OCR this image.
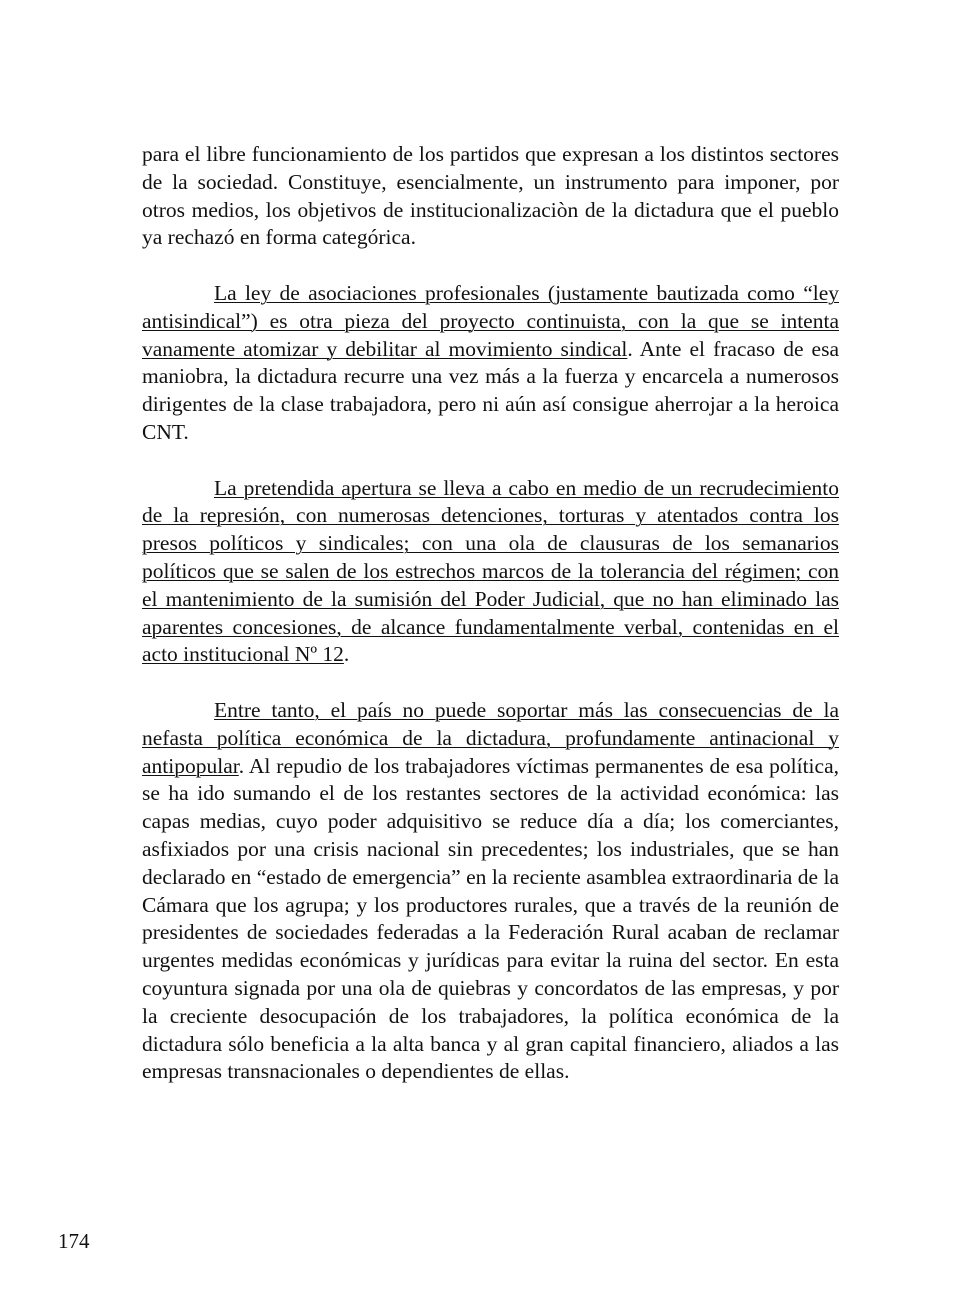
para el libre funcionamiento de los partidos que expresan a los distintos sectores de la sociedad. Constituye, esencialmente, un instrumento para imponer, por otros medios, los objetivos de institucionalizaciòn de la dictadura que el pueblo ya rechazó en forma categórica.

La ley de asociaciones profesionales (justamente bautizada como “ley antisindical”) es otra pieza del proyecto continuista, con la que se intenta vanamente atomizar y debilitar al movimiento sindical. Ante el fracaso de esa maniobra, la dictadura recurre una vez más a la fuerza y encarcela a numerosos dirigentes de la clase trabajadora, pero ni aún así consigue aherrojar a la heroica CNT.

La pretendida apertura se lleva a cabo en medio de un recrudecimiento de la represión, con numerosas detenciones, torturas y atentados contra los presos políticos y sindicales; con una ola de clausuras de los semanarios políticos que se salen de los estrechos marcos de la tolerancia del régimen; con el mantenimiento de la sumisión del Poder Judicial, que no han eliminado las aparentes concesiones, de alcance fundamentalmente verbal, contenidas en el acto institucional Nº 12.

Entre tanto, el país no puede soportar más las consecuencias de la nefasta política económica de la dictadura, profundamente antinacional y antipopular. Al repudio de los trabajadores víctimas permanentes de esa política, se ha ido sumando el de los restantes sectores de la actividad económica: las capas medias, cuyo poder adquisitivo se reduce día a día; los comerciantes, asfixiados por una crisis nacional sin precedentes; los industriales, que se han declarado en “estado de emergencia” en la reciente asamblea extraordinaria de la Cámara que los agrupa; y los productores rurales, que a través de la reunión de presidentes de sociedades federadas a la Federación Rural acaban de reclamar urgentes medidas económicas y jurídicas para evitar la ruina del sector. En esta coyuntura signada por una ola de quiebras y concordatos de las empresas, y por la creciente desocupación de los trabajadores, la política económica de la dictadura sólo beneficia a la alta banca y al gran capital financiero, aliados a las empresas transnacionales o dependientes de ellas.

174
